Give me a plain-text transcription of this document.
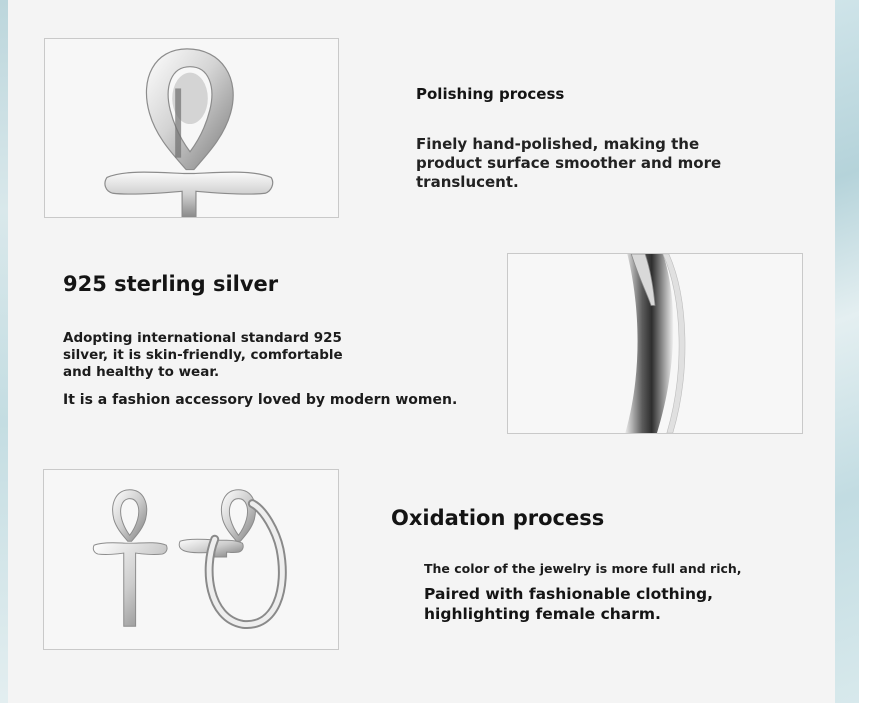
Polishing process
Finely hand-polished, making the product surface smoother and more translucent.
925 sterling silver
Adopting international standard 925 silver, it is skin-friendly, comfortable and healthy to wear.
It is a fashion accessory loved by modern women.
Oxidation process
The color of the jewelry is more full and rich,
Paired with fashionable clothing, highlighting female charm.
